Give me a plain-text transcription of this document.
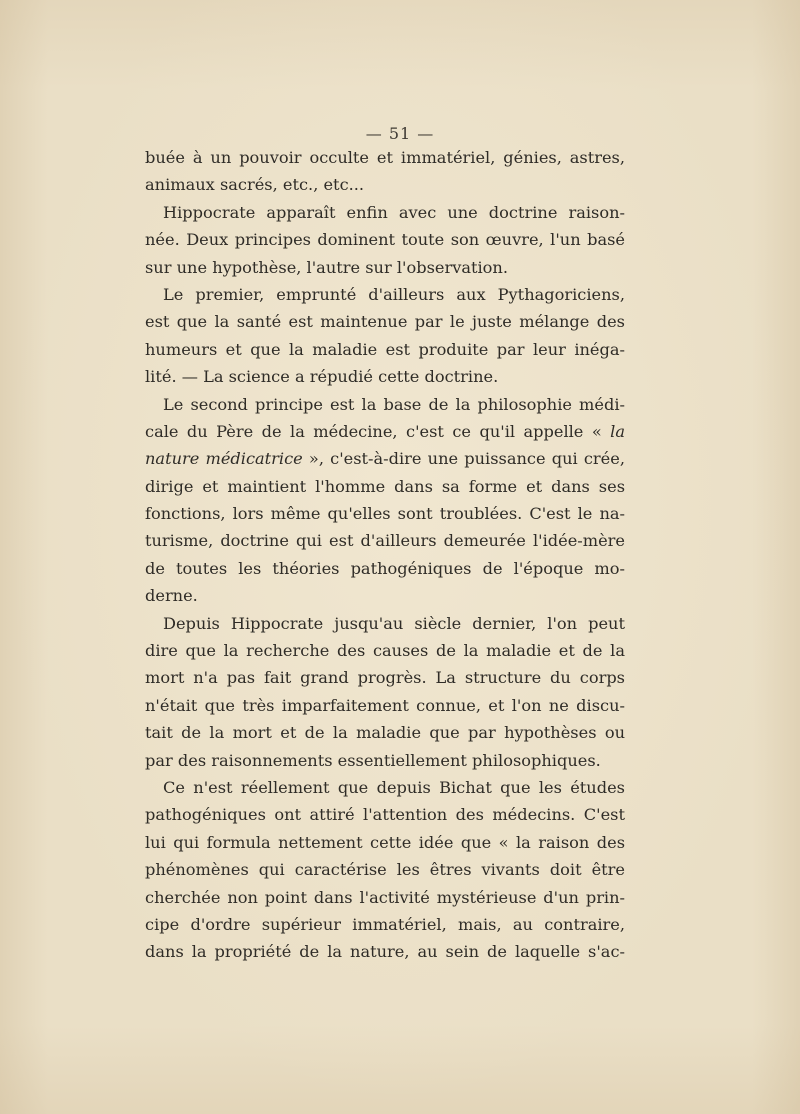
— 51 —
buée à un pouvoir occulte et immatériel, génies, astres,
animaux sacrés, etc., etc...
Hippocrate apparaît enfin avec une doctrine raison-
née. Deux principes dominent toute son œuvre, l'un basé
sur une hypothèse, l'autre sur l'observation.
Le premier, emprunté d'ailleurs aux Pythagoriciens,
est que la santé est maintenue par le juste mélange des
humeurs et que la maladie est produite par leur inéga-
lité. — La science a répudié cette doctrine.
Le second principe est la base de la philosophie médi-
cale du Père de la médecine, c'est ce qu'il appelle « la
nature médicatrice », c'est-à-dire une puissance qui crée,
dirige et maintient l'homme dans sa forme et dans ses
fonctions, lors même qu'elles sont troublées. C'est le na-
turisme, doctrine qui est d'ailleurs demeurée l'idée-mère
de toutes les théories pathogéniques de l'époque mo-
derne.
Depuis Hippocrate jusqu'au siècle dernier, l'on peut
dire que la recherche des causes de la maladie et de la
mort n'a pas fait grand progrès. La structure du corps
n'était que très imparfaitement connue, et l'on ne discu-
tait de la mort et de la maladie que par hypothèses ou
par des raisonnements essentiellement philosophiques.
Ce n'est réellement que depuis Bichat que les études
pathogéniques ont attiré l'attention des médecins. C'est
lui qui formula nettement cette idée que « la raison des
phénomènes qui caractérise les êtres vivants doit être
cherchée non point dans l'activité mystérieuse d'un prin-
cipe d'ordre supérieur immatériel, mais, au contraire,
dans la propriété de la nature, au sein de laquelle s'ac-
